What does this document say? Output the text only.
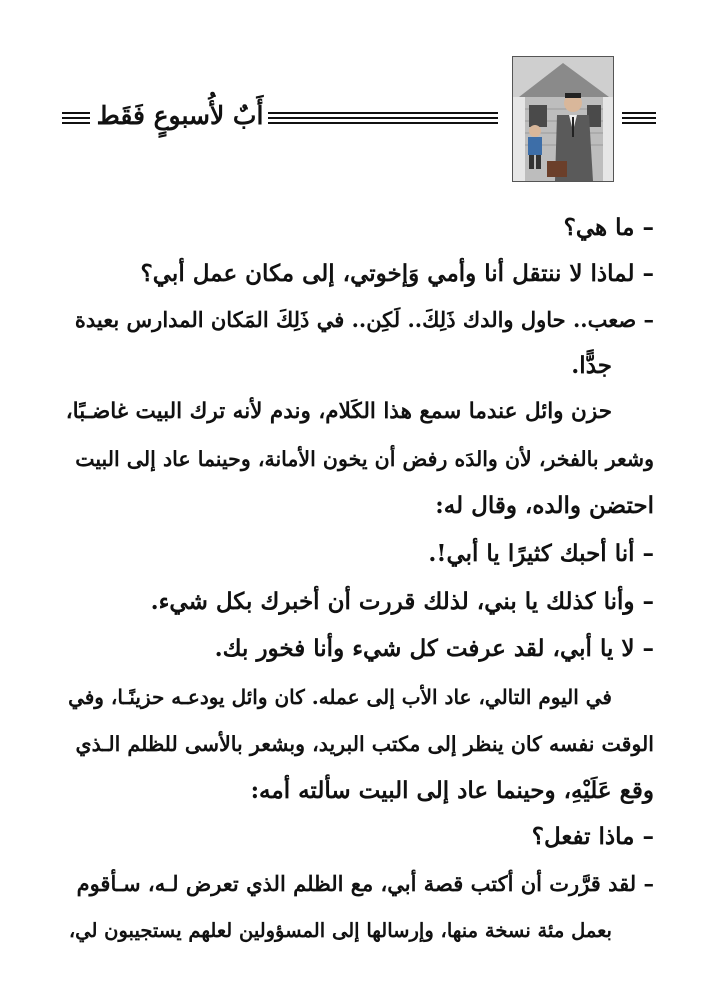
أَبٌ لأُسبوعٍ فَقَط
– ما هي؟
– لماذا لا ننتقل أنا وأمي وَإخوتي، إلى مكان عمل أبي؟
– صعب.. حاول والدك ذَلِكَ.. لَكِن.. في ذَلِكَ المَكان المدارس بعيدة
جدًّا.
حزن وائل عندما سمع هذا الكَلام، وندم لأنه ترك البيت غاضـبًا،
وشعر بالفخر، لأن والدَه رفض أن يخون الأمانة، وحينما عاد إلى البيت
احتضن والده، وقال له:
– أنا أحبك كثيرًا يا أبي!.
– وأنا كذلك يا بني، لذلك قررت أن أخبرك بكل شيء.
– لا يا أبي، لقد عرفت كل شيء وأنا فخور بك.
في اليوم التالي، عاد الأب إلى عمله. كان وائل يودعـه حزينًـا، وفي
الوقت نفسه كان ينظر إلى مكتب البريد، وبشعر بالأسى للظلم الـذي
وقع عَلَيْهِ، وحينما عاد إلى البيت سألته أمه:
– ماذا تفعل؟
– لقد قرَّرت أن أكتب قصة أبي، مع الظلم الذي تعرض لـه، سـأقوم
بعمل مئة نسخة منها، وإرسالها إلى المسؤولين لعلهم يستجيبون لي،
